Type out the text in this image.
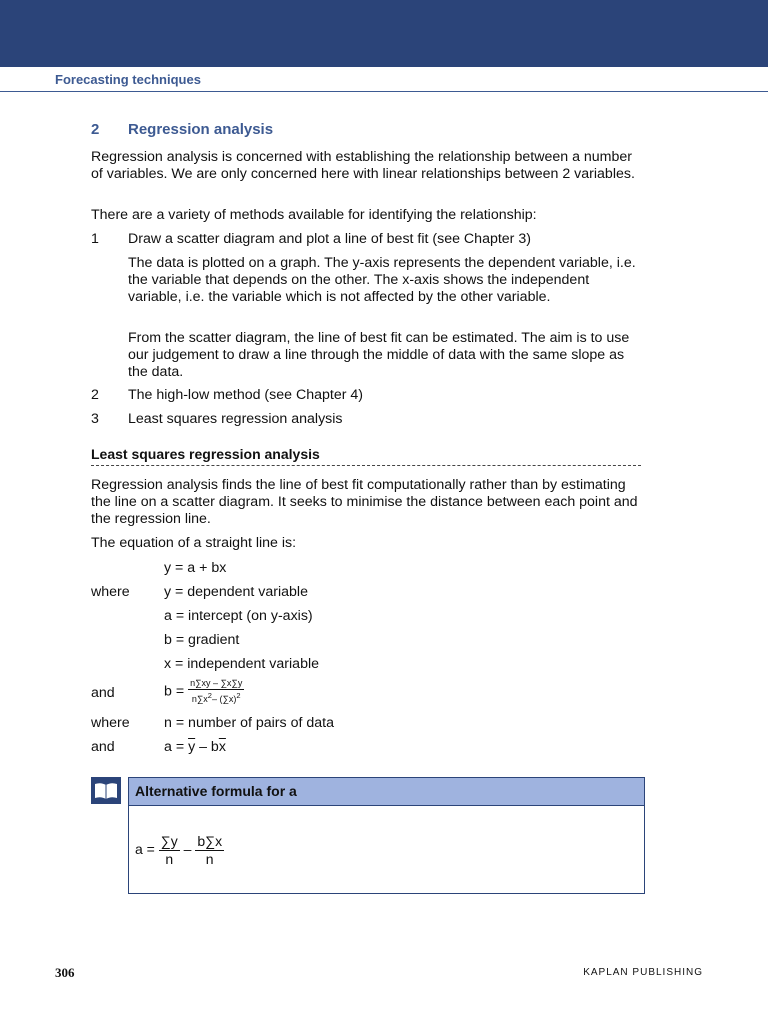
Forecasting techniques
2 Regression analysis
Regression analysis is concerned with establishing the relationship between a number of variables. We are only concerned here with linear relationships between 2 variables.
There are a variety of methods available for identifying the relationship:
1 Draw a scatter diagram and plot a line of best fit (see Chapter 3)
The data is plotted on a graph. The y-axis represents the dependent variable, i.e. the variable that depends on the other. The x-axis shows the independent variable, i.e. the variable which is not affected by the other variable.
From the scatter diagram, the line of best fit can be estimated. The aim is to use our judgement to draw a line through the middle of data with the same slope as the data.
2 The high-low method (see Chapter 4)
3 Least squares regression analysis
Least squares regression analysis
Regression analysis finds the line of best fit computationally rather than by estimating the line on a scatter diagram. It seeks to minimise the distance between each point and the regression line.
The equation of a straight line is:
y = a + bx
where y = dependent variable
a = intercept (on y-axis)
b = gradient
x = independent variable
and	$b = \frac{n\sum xy - \sum x\sum y}{n\sum x^2- (\sum x)^2}$
where n = number of pairs of data
and	$a = \overline{y} - b\overline{x}$
Alternative formula for a
$a = \frac{\sum y}{n} - \frac{b\sum x}{n}$
306	KAPLAN PUBLISHING
